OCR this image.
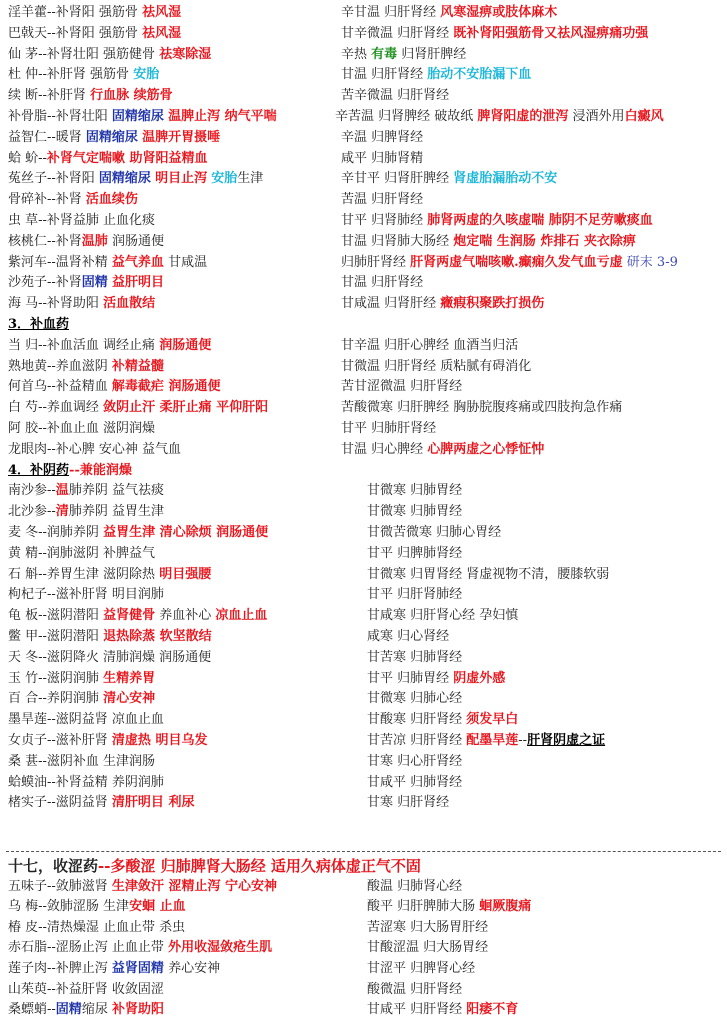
淫羊藿--补肾阳 强筋骨 祛风湿	辛甘温 归肝肾经 风寒湿痹或肢体麻木
巴戟天--补肾阳 强筋骨 祛风湿	甘辛微温 归肝肾经 既补肾阳强筋骨又祛风湿痹痛功强
仙 茅--补肾壮阳 强筋健骨 祛寒除湿	辛热 有毒 归肾肝脾经
杜 仲--补肝肾 强筋骨 安胎	甘温 归肝肾经 胎动不安胎漏下血
续 断--补肝肾 行血脉 续筋骨	苦辛微温 归肝肾经
补骨脂--补肾壮阳 固精缩尿 温脾止泻 纳气平喘	辛苦温 归肾脾经 破故纸 脾肾阳虚的泄泻 浸酒外用白癜风
益智仁--暖肾 固精缩尿 温脾开胃摄唾	辛温 归脾肾经
蛤 蚧--补肾气定喘嗽 助肾阳益精血	咸平 归肺肾精
菟丝子--补肾阳 固精缩尿 明目止泻 安胎生津	辛甘平 归肾肝脾经 肾虚胎漏胎动不安
骨碎补--补肾 活血续伤	苦温 归肝肾经
虫 草--补肾益肺 止血化痰	甘平 归肾肺经 肺肾两虚的久咳虚喘 肺阴不足劳嗽痰血
核桃仁--补肾温肺 润肠通便	甘温 归肾肺大肠经 炮定喘 生润肠 炸排石 夹衣除痹
紫河车--温肾补精 益气养血 甘咸温	归肺肝肾经 肝肾两虚气喘咳嗽.癫痫久发气血亏虚 研末 3-9
沙苑子--补肾固精 益肝明目	甘温 归肝肾经
海 马--补肾助阳 活血散结	甘咸温 归肾肝经 癥瘕积聚跌打损伤
3．补血药
当 归--补血活血 调经止痛 润肠通便	甘辛温 归肝心脾经 血酒当归活
熟地黄--养血滋阴 补精益髓	甘微温 归肝肾经 质粘腻有碍消化
何首乌--补益精血 解毒截疟 润肠通便	苦甘涩微温 归肝肾经
白 芍--养血调经 敛阴止汗 柔肝止痛 平仰肝阳	苦酸微寒 归肝脾经 胸胁脘腹疼痛或四肢拘急作痛
阿 胶--补血止血 滋阴润燥	甘平 归肺肝肾经
龙眼肉--补心脾 安心神 益气血	甘温 归心脾经 心脾两虚之心悸怔忡
4．补阴药--兼能润燥
南沙参--温肺养阴 益气祛痰	甘微寒 归肺胃经
北沙参--清肺养阴 益胃生津	甘微寒 归肺胃经
麦 冬--润肺养阴 益胃生津 清心除烦 润肠通便	甘微苦微寒 归肺心胃经
黄 精--润肺滋阴 补脾益气	甘平 归脾肺肾经
石 斛--养胃生津 滋阴除热 明目强腰	甘微寒 归胃肾经 肾虚视物不清，腰膝软弱
枸杞子--滋补肝肾 明目润肺	甘平 归肝肾肺经
龟 板--滋阴潜阳 益肾健骨 养血补心 凉血止血	甘咸寒 归肝肾心经 孕妇慎
鳖 甲--滋阴潜阳 退热除蒸 软坚散结	咸寒 归心肾经
天 冬--滋阴降火 清肺润燥 润肠通便	甘苦寒 归肺肾经
玉 竹--滋阴润肺 生精养胃	甘平 归肺胃经 阴虚外感
百 合--养阴润肺 清心安神	甘微寒 归肺心经
墨旱莲--滋阴益肾 凉血止血	甘酸寒 归肝肾经 须发早白
女贞子--滋补肝肾 清虚热 明目乌发	甘苦凉 归肝肾经 配墨旱莲--肝肾阴虚之证
桑 葚--滋阴补血 生津润肠	甘寒 归心肝肾经
蛤蟆油--补肾益精 养阴润肺	甘咸平 归肺肾经
楮实子--滋阴益肾 清肝明目 利尿	甘寒 归肝肾经
十七，收涩药--多酸涩 归肺脾肾大肠经 适用久病体虚正气不固
五味子--敛肺滋肾 生津敛汗 涩精止泻 宁心安神	酸温 归肺肾心经
乌 梅--敛肺涩肠 生津安蛔 止血	酸平 归肝脾肺大肠 蛔厥腹痛
椿 皮--清热燥湿 止血止带 杀虫	苦涩寒 归大肠胃肝经
赤石脂--涩肠止泻 止血止带 外用收湿敛疮生肌	甘酸涩温 归大肠胃经
莲子肉--补脾止泻 益肾固精 养心安神	甘涩平 归脾肾心经
山茱萸--补益肝肾 收敛固涩	酸微温 归肝肾经
桑螵蛸--固精缩尿 补肾助阳	甘咸平 归肝肾经 阳痿不育
